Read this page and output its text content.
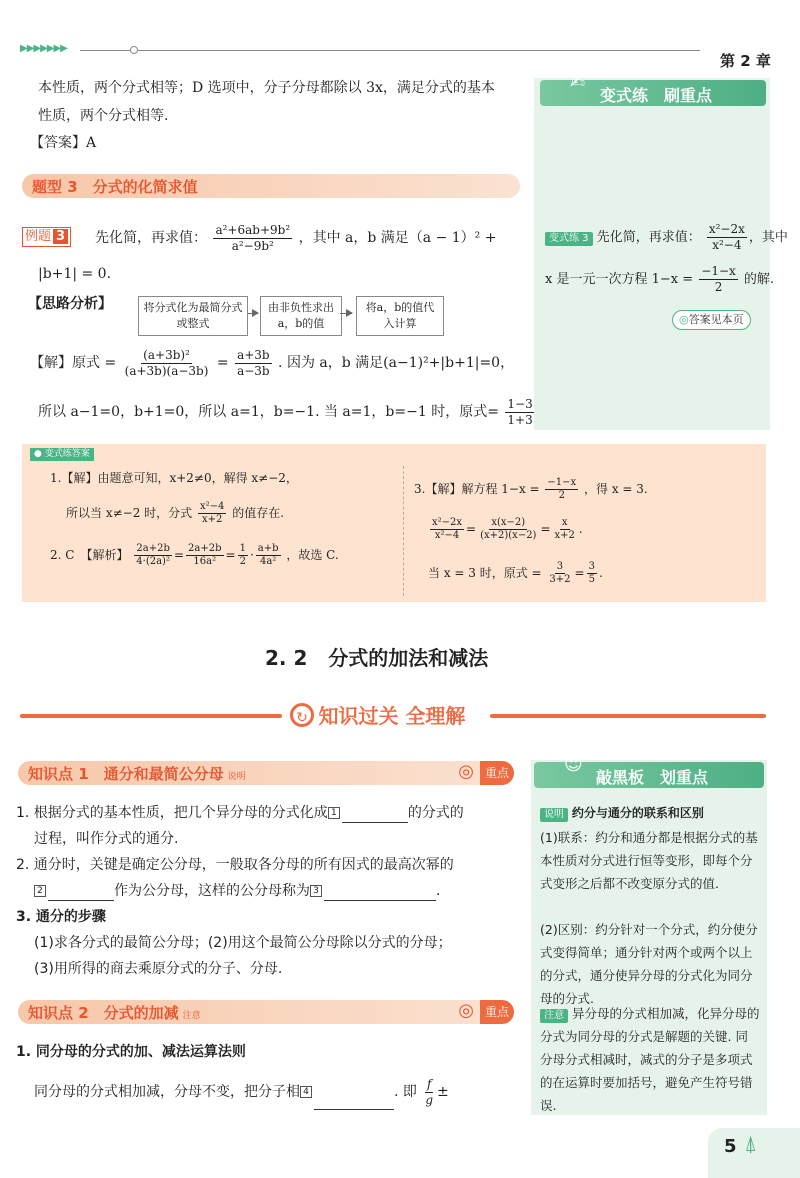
▶▶▶▶▶▶▶
第 2 章
本性质，两个分式相等；D 选项中，分子分母都除以 3x，满足分式的基本
性质，两个分式相等.
【答案】A
题型 3　分式的化简求值
例题 3	先化简，再求值： $\frac{\text{a²+6ab+9b²}}{\text{a²−9b²}}$ ，其中 a，b 满足（a − 1）² +
|b+1| = 0.
【思路分析】	将分式化为最简分式或整式
由非负性求出a，b的值
将a，b的值代入计算
【解】原式 = $\frac{\text{(a+3b)²}}{(a+3b)(a-3b)} = \frac{a+3b}{a-3b}$ . 因为 a，b 满足(a−1)²+|b+1|=0，
所以 a−1=0，b+1=0，所以 a=1，b=−1. 当 a=1，b=−1 时，原式= $\frac{1-3}{1+3}$

✍
变式练　刷重点
变式练 3 先化简，再求值： $\frac{\text{x²−2x}}{\text{x²−4}}$ ，其中
x 是一元一次方程 $1-x = \frac{-1-x}{2}$ 的解.
◎答案见本页
● 变式练答案
1.【解】由题意可知，x+2≠0，解得 x≠−2，
所以当 x≠−2 时，分式 $\frac{\text{x²−4}}{x+2}$ 的值存在.
2. C　【解析】 $\frac{2a+2b}{\text{4·(2a)²}} = \frac{2a+2b}{\text{16a²}} = \frac{1}{2} \cdot \frac{a+b}{\text{4a²}}$ ，故选 C.
3.【解】解方程 $1-x = \frac{-1-x}{2}$ ，得 x = 3.
$\frac{\text{x²−2x}}{\text{x²−4}} = \frac{x(x-2)}{(x+2)(x-2)} = \frac{x}{x+2}$ .
当 x = 3 时，原式 = $\frac{3}{3+2} = \frac{3}{5}$ .
2. 2 分式的加法和减法
↻ 知识过关 全理解
知识点 1　通分和最简公分母 说明	◎ 重点
1. 根据分式的基本性质，把几个异分母的分式化成 1	的分式的
过程，叫作分式的通分.
2. 通分时，关键是确定公分母，一般取各分母的所有因式的最高次幂的
2	作为公分母，这样的公分母称为 3	.
3. 通分的步骤
(1)求各分式的最简公分母；(2)用这个最简公分母除以分式的分母；
(3)用所得的商去乘原分式的分子、分母.
知识点 2　分式的加减 注意	◎ 重点
1. 同分母的分式的加、减法运算法则
同分母的分式相加减，分母不变，把分子相 4	. 即 $\frac{f}{g}$ ±
☺
敲黑板　划重点
说明 约分与通分的联系和区别
(1)联系：约分和通分都是根据分式的基本性质对分式进行恒等变形，即每个分式变形之后都不改变原分式的值.
(2)区别：约分针对一个分式，约分使分式变得简单；通分针对两个或两个以上的分式，通分使异分母的分式化为同分母的分式.
注意 异分母的分式相加减，化异分母的分式为同分母的分式是解题的关键. 同分母分式相减时，减式的分子是多项式的在运算时要加括号，避免产生符号错误.
5 ⍋
